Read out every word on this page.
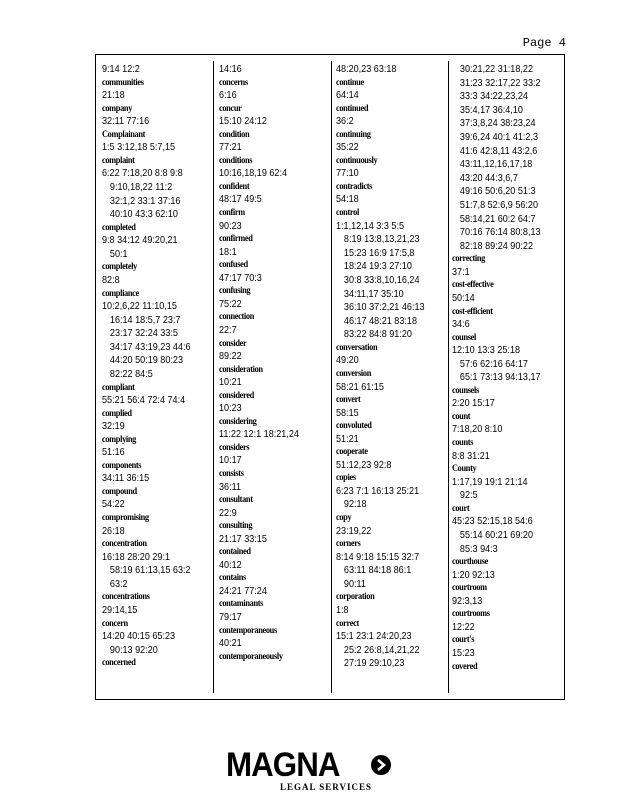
Page 4
9:14 12:2
communities
21:18
company
32:11 77:16
Complainant
1:5 3:12,18 5:7,15
complaint
6:22 7:18,20 8:8 9:8
9:10,18,22 11:2
32:1,2 33:1 37:16
40:10 43:3 62:10
completed
9:8 34:12 49:20,21
50:1
completely
82:8
compliance
10:2,6,22 11:10,15
16:14 18:5,7 23:7
23:17 32:24 33:5
34:17 43:19,23 44:6
44:20 50:19 80:23
82:22 84:5
compliant
55:21 56:4 72:4 74:4
complied
32:19
complying
51:16
components
34:11 36:15
compound
54:22
compromising
26:18
concentration
16:18 28:20 29:1
58:19 61:13,15 63:2
63:2
concentrations
29:14,15
concern
14:20 40:15 65:23
90:13 92:20
concerned
14:16
concerns
6:16
concur
15:10 24:12
condition
77:21
conditions
10:16,18,19 62:4
confident
48:17 49:5
confirm
90:23
confirmed
18:1
confused
47:17 70:3
confusing
75:22
connection
22:7
consider
89:22
consideration
10:21
considered
10:23
considering
11:22 12:1 18:21,24
considers
10:17
consists
36:11
consultant
22:9
consulting
21:17 33:15
contained
40:12
contains
24:21 77:24
contaminants
79:17
contemporaneous
40:21
contemporaneously
48:20,23 63:18
continue
64:14
continued
36:2
continuing
35:22
continuously
77:10
contradicts
54:18
control
1:1,12,14 3:3 5:5
8:19 13:8,13,21,23
15:23 16:9 17:5,8
18:24 19:3 27:10
30:8 33:8,10,16,24
34:11,17 35:10
36:10 37:2,21 46:13
46:17 48:21 83:18
83:22 84:8 91:20
conversation
49:20
conversion
58:21 61:15
convert
58:15
convoluted
51:21
cooperate
51:12,23 92:8
copies
6:23 7:1 16:13 25:21
92:18
copy
23:19,22
corners
8:14 9:18 15:15 32:7
63:11 84:18 86:1
90:11
corporation
1:8
correct
15:1 23:1 24:20,23
25:2 26:8,14,21,22
27:19 29:10,23
30:21,22 31:18,22
31:23 32:17,22 33:2
33:3 34:22,23,24
35:4,17 36:4,10
37:3,8,24 38:23,24
39:6,24 40:1 41:2,3
41:6 42:8,11 43:2,6
43:11,12,16,17,18
43:20 44:3,6,7
49:16 50:6,20 51:3
51:7,8 52:6,9 56:20
58:14,21 60:2 64:7
70:16 76:14 80:8,13
82:18 89:24 90:22
correcting
37:1
cost-effective
50:14
cost-efficient
34:6
counsel
12:10 13:3 25:18
57:6 62:16 64:17
65:1 73:13 94:13,17
counsels
2:20 15:17
count
7:18,20 8:10
counts
8:8 31:21
County
1:17,19 19:1 21:14
92:5
court
45:23 52:15,18 54:6
55:14 60:21 69:20
85:3 94:3
courthouse
1:20 92:13
courtroom
92:3,13
courtrooms
12:22
court's
15:23
covered
MAGNA
LEGAL SERVICES
